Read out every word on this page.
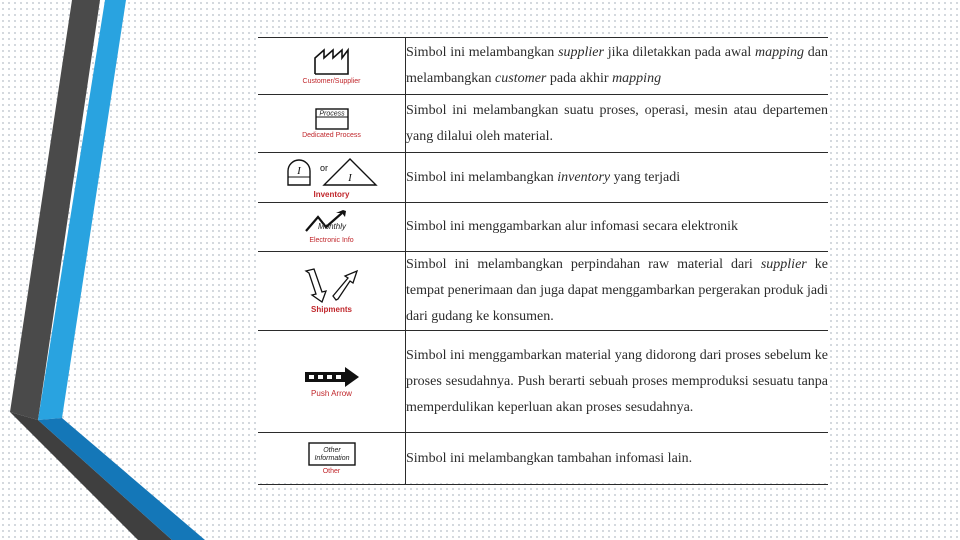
Customer/Supplier	Simbol ini melambangkan supplier jika diletakkan pada awal mapping dan melambangkan customer pada akhir mapping

Process
Dedicated Process	Simbol ini melambangkan suatu proses, operasi, mesin atau departemen yang dilalui oleh material.

I or
I
Inventory	Simbol ini melambangkan inventory yang terjadi

Monthly
Electronic Info	Simbol ini menggambarkan alur infomasi secara elektronik

Shipments	Simbol ini melambangkan perpindahan raw material dari supplier ke tempat penerimaan dan juga dapat menggambarkan pergerakan produk jadi dari gudang ke konsumen.

Push Arrow	Simbol ini menggambarkan material yang didorong dari proses sebelum ke proses sesudahnya. Push berarti sebuah proses memproduksi sesuatu tanpa memperdulikan keperluan akan proses sesudahnya.

Other
Information
Other	Simbol ini melambangkan tambahan infomasi lain.
